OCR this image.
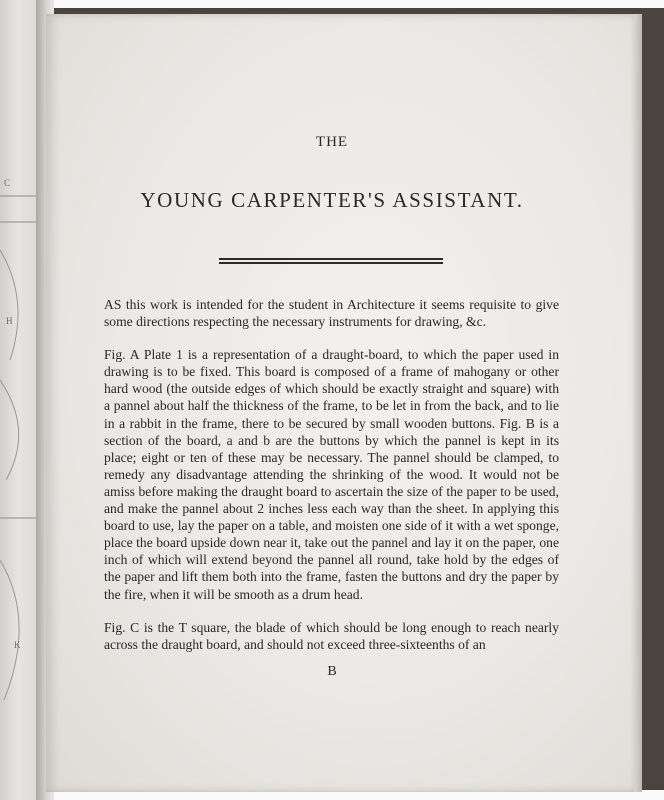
C
H
K
THE
YOUNG CARPENTER'S ASSISTANT.

AS this work is intended for the student in Architecture it seems requisite to give some directions respecting the necessary instruments for drawing, &c.

Fig. A Plate 1 is a representation of a draught-board, to which the paper used in drawing is to be fixed. This board is composed of a frame of mahogany or other hard wood (the outside edges of which should be exactly straight and square) with a pannel about half the thickness of the frame, to be let in from the back, and to lie in a rabbit in the frame, there to be secured by small wooden buttons. Fig. B is a section of the board, a and b are the buttons by which the pannel is kept in its place; eight or ten of these may be necessary. The pannel should be clamped, to remedy any disadvantage attending the shrinking of the wood. It would not be amiss before making the draught board to ascertain the size of the paper to be used, and make the pannel about 2 inches less each way than the sheet. In applying this board to use, lay the paper on a table, and moisten one side of it with a wet sponge, place the board upside down near it, take out the pannel and lay it on the paper, one inch of which will extend beyond the pannel all round, take hold by the edges of the paper and lift them both into the frame, fasten the buttons and dry the paper by the fire, when it will be smooth as a drum head.

Fig. C is the T square, the blade of which should be long enough to reach nearly across the draught board, and should not exceed three-sixteenths of an

B
